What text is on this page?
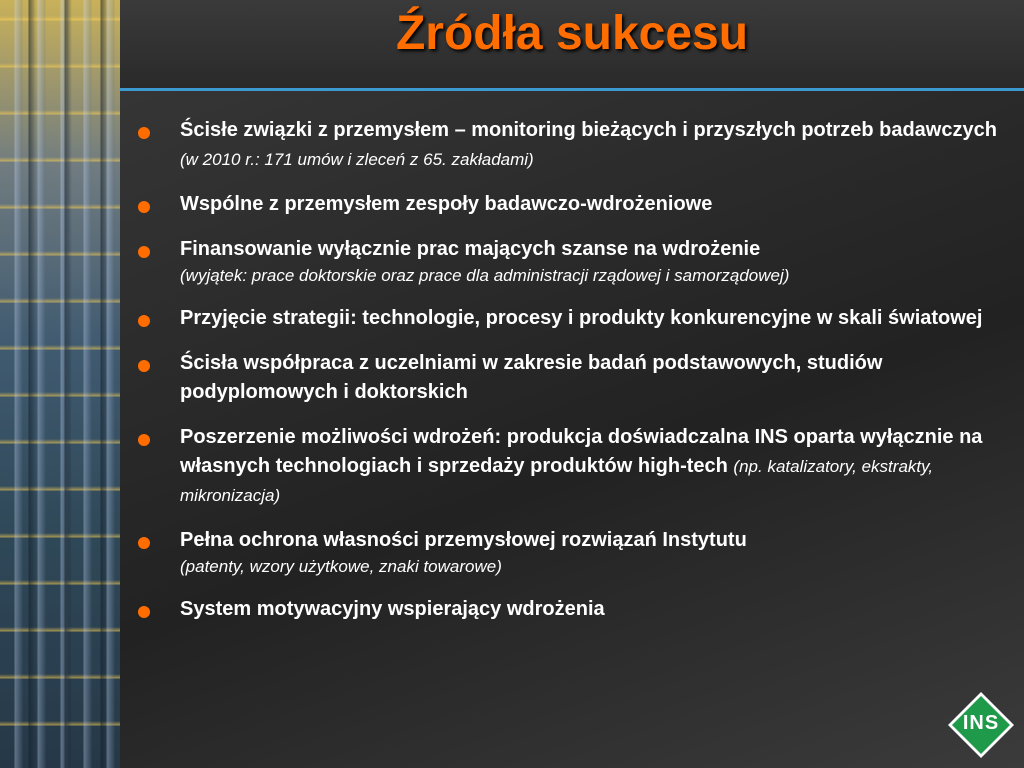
Źródła sukcesu
Ścisłe związki z przemysłem – monitoring bieżących i przyszłych potrzeb badawczych (w 2010 r.: 171 umów i zleceń z 65. zakładami)
Wspólne z przemysłem zespoły badawczo-wdrożeniowe
Finansowanie wyłącznie prac mających szanse na wdrożenie
(wyjątek: prace doktorskie oraz prace dla administracji rządowej i samorządowej)
Przyjęcie strategii: technologie, procesy i produkty konkurencyjne w skali światowej
Ścisła współpraca z uczelniami w zakresie badań podstawowych, studiów podyplomowych i doktorskich
Poszerzenie możliwości wdrożeń: produkcja doświadczalna INS oparta wyłącznie na własnych technologiach i sprzedaży produktów high-tech (np. katalizatory, ekstrakty, mikronizacja)
Pełna ochrona własności przemysłowej rozwiązań Instytutu
(patenty, wzory użytkowe, znaki towarowe)
System motywacyjny wspierający wdrożenia
INS
